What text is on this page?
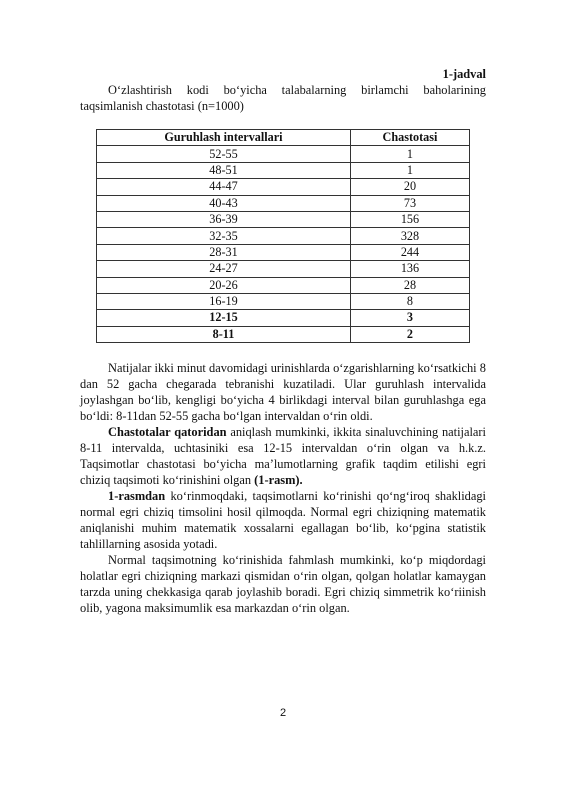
1-jadval
O‘zlashtirish kodi bo‘yicha talabalarning birlamchi baholarining taqsimlanish chastotasi (n=1000)
Guruhlash intervallari	Chastotasi
52-55	1
48-51	1
44-47	20
40-43	73
36-39	156
32-35	328
28-31	244
24-27	136
20-26	28
16-19	8
12-15	3
8-11	2

Natijalar ikki minut davomidagi urinishlarda o‘zgarishlarning ko‘rsatkichi 8 dan 52 gacha chegarada tebranishi kuzatiladi. Ular guruhlash intervalida joylashgan bo‘lib, kengligi bo‘yicha 4 birlikdagi interval bilan guruhlashga ega bo‘ldi: 8-11dan 52-55 gacha bo‘lgan intervaldan o‘rin oldi.

Chastotalar qatoridan aniqlash mumkinki, ikkita sinaluvchining natijalari 8-11 intervalda, uchtasiniki esa 12-15 intervaldan o‘rin olgan va h.k.z. Taqsimotlar chastotasi bo‘yicha ma’lumotlarning grafik taqdim etilishi egri chiziq taqsimoti ko‘rinishini olgan (1-rasm).

1-rasmdan ko‘rinmoqdaki, taqsimotlarni ko‘rinishi qo‘ng‘iroq shaklidagi normal egri chiziq timsolini hosil qilmoqda. Normal egri chiziqning matematik aniqlanishi muhim matematik xossalarni egallagan bo‘lib, ko‘pgina statistik tahlillarning asosida yotadi.

Normal taqsimotning ko‘rinishida fahmlash mumkinki, ko‘p miqdordagi holatlar egri chiziqning markazi qismidan o‘rin olgan, qolgan holatlar kamaygan tarzda uning chekkasiga qarab joylashib boradi. Egri chiziq simmetrik ko‘riinish olib, yagona maksimumlik esa markazdan o‘rin olgan.

2
